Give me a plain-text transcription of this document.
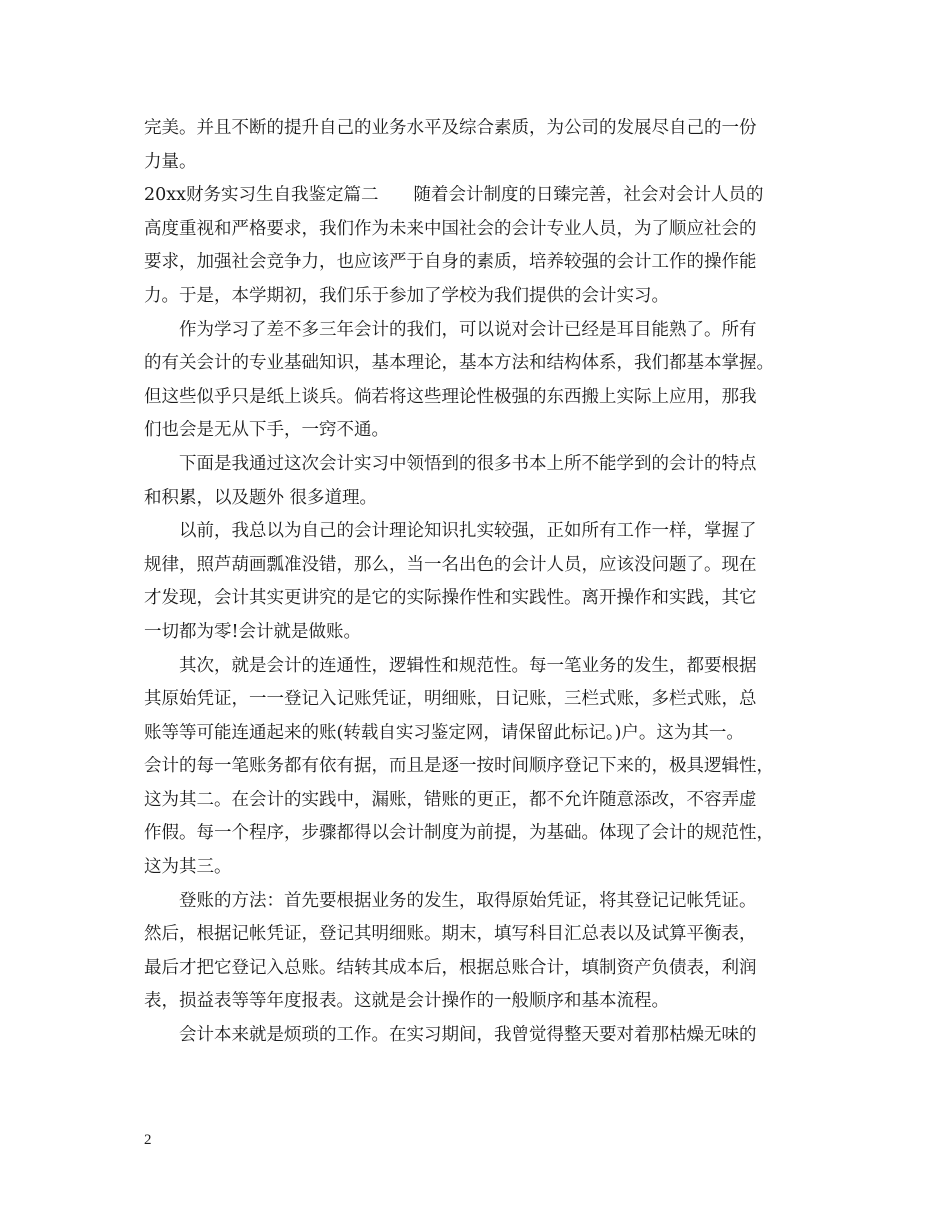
完美。并且不断的提升自己的业务水平及综合素质，为公司的发展尽自己的一份
力量。
20xx财务实习生自我鉴定篇二　　随着会计制度的日臻完善，社会对会计人员的
高度重视和严格要求，我们作为未来中国社会的会计专业人员，为了顺应社会的
要求，加强社会竞争力，也应该严于自身的素质，培养较强的会计工作的操作能
力。于是，本学期初，我们乐于参加了学校为我们提供的会计实习。
　　作为学习了差不多三年会计的我们，可以说对会计已经是耳目能熟了。所有
的有关会计的专业基础知识，基本理论，基本方法和结构体系，我们都基本掌握。
但这些似乎只是纸上谈兵。倘若将这些理论性极强的东西搬上实际上应用，那我
们也会是无从下手，一窍不通。
　　下面是我通过这次会计实习中领悟到的很多书本上所不能学到的会计的特点
和积累，以及题外 很多道理。
　　以前，我总以为自己的会计理论知识扎实较强，正如所有工作一样，掌握了
规律，照芦葫画瓢准没错，那么，当一名出色的会计人员，应该没问题了。现在
才发现，会计其实更讲究的是它的实际操作性和实践性。离开操作和实践，其它
一切都为零!会计就是做账。
　　其次，就是会计的连通性，逻辑性和规范性。每一笔业务的发生，都要根据
其原始凭证，一一登记入记账凭证，明细账，日记账，三栏式账，多栏式账，总
账等等可能连通起来的账(转载自实习鉴定网，请保留此标记。)户。这为其一。
会计的每一笔账务都有依有据，而且是逐一按时间顺序登记下来的，极具逻辑性，
这为其二。在会计的实践中，漏账，错账的更正，都不允许随意添改，不容弄虚
作假。每一个程序，步骤都得以会计制度为前提，为基础。体现了会计的规范性，
这为其三。
　　登账的方法：首先要根据业务的发生，取得原始凭证，将其登记记帐凭证。
然后，根据记帐凭证，登记其明细账。期末，填写科目汇总表以及试算平衡表，
最后才把它登记入总账。结转其成本后，根据总账合计，填制资产负债表，利润
表，损益表等等年度报表。这就是会计操作的一般顺序和基本流程。
　　会计本来就是烦琐的工作。在实习期间，我曾觉得整天要对着那枯燥无味的
2
